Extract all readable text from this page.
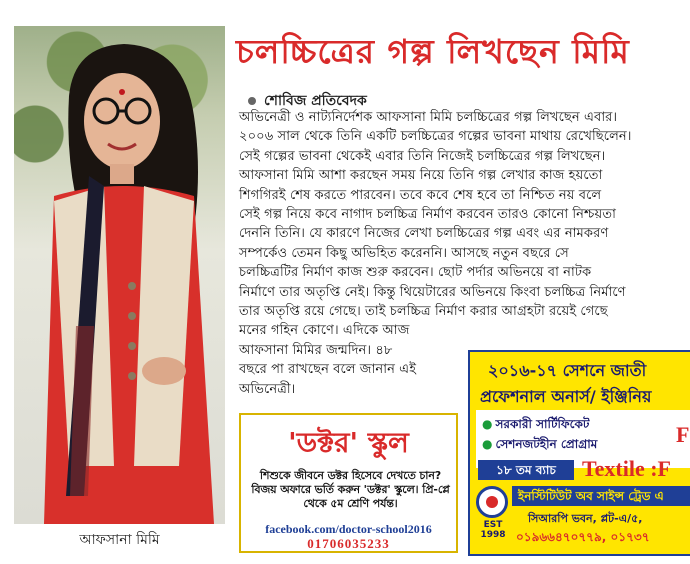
আফসানা মিমি
চলচ্চিত্রের গল্প লিখছেন মিমি
শোবিজ প্রতিবেদক
অভিনেত্রী ও নাট্যনির্দেশক আফসানা মিমি চলচ্চিত্রের গল্প লিখছেন এবার।
২০০৬ সাল থেকে তিনি একটি চলচ্চিত্রের গল্পের ভাবনা মাথায় রেখেছিলেন।
সেই গল্পের ভাবনা থেকেই এবার তিনি নিজেই চলচ্চিত্রের গল্প লিখছেন।
আফসানা মিমি আশা করছেন সময় নিয়ে তিনি গল্প লেখার কাজ হয়তো
শিগগিরই শেষ করতে পারবেন। তবে কবে শেষ হবে তা নিশ্চিত নয় বলে
সেই গল্প নিয়ে কবে নাগাদ চলচ্চিত্র নির্মাণ করবেন তারও কোনো নিশ্চয়তা
দেননি তিনি। যে কারণে নিজের লেখা চলচ্চিত্রের গল্প এবং এর নামকরণ
সম্পর্কেও তেমন কিছু অভিহিত করেননি। আসছে নতুন বছরে সে
চলচ্চিত্রটির নির্মাণ কাজ শুরু করবেন। ছোট পর্দার অভিনয়ে বা নাটক
নির্মাণে তার অতৃপ্তি নেই। কিন্তু থিয়েটারের অভিনয়ে কিংবা চলচ্চিত্র নির্মাণে
তার অতৃপ্তি রয়ে গেছে। তাই চলচ্চিত্র নির্মাণ করার আগ্রহটা রয়েই গেছে
মনের গহিন কোণে। এদিকে আজ
আফসানা মিমির জন্মদিন। ৪৮
বছরে পা রাখছেন বলে জানান এই
অভিনেত্রী।
'ডক্টর' স্কুল
শিশুকে জীবনে ডক্টর হিসেবে দেখতে চান? বিজয় অফারে ভর্তি করুন 'ডক্টর' স্কুলে। প্রি-প্লে থেকে ৫ম শ্রেণি পর্যন্ত।
facebook.com/doctor-school2016
01706035233
২০১৬-১৭ সেশনে জাতী
প্রফেশনাল অনার্স/ ইঞ্জিনিয়
● সরকারী সার্টিফিকেট
● সেশনজটহীন প্রোগ্রাম	F
১৮ তম ব্যাচ	Textile :F
EST 1998
ইনস্টিটিউট অব সাইন্স ট্রেড এ
সিআরপি ভবন, প্লট-এ/৫,
০১৯৬৬৪৭০৭৭৯, ০১৭৩৭
